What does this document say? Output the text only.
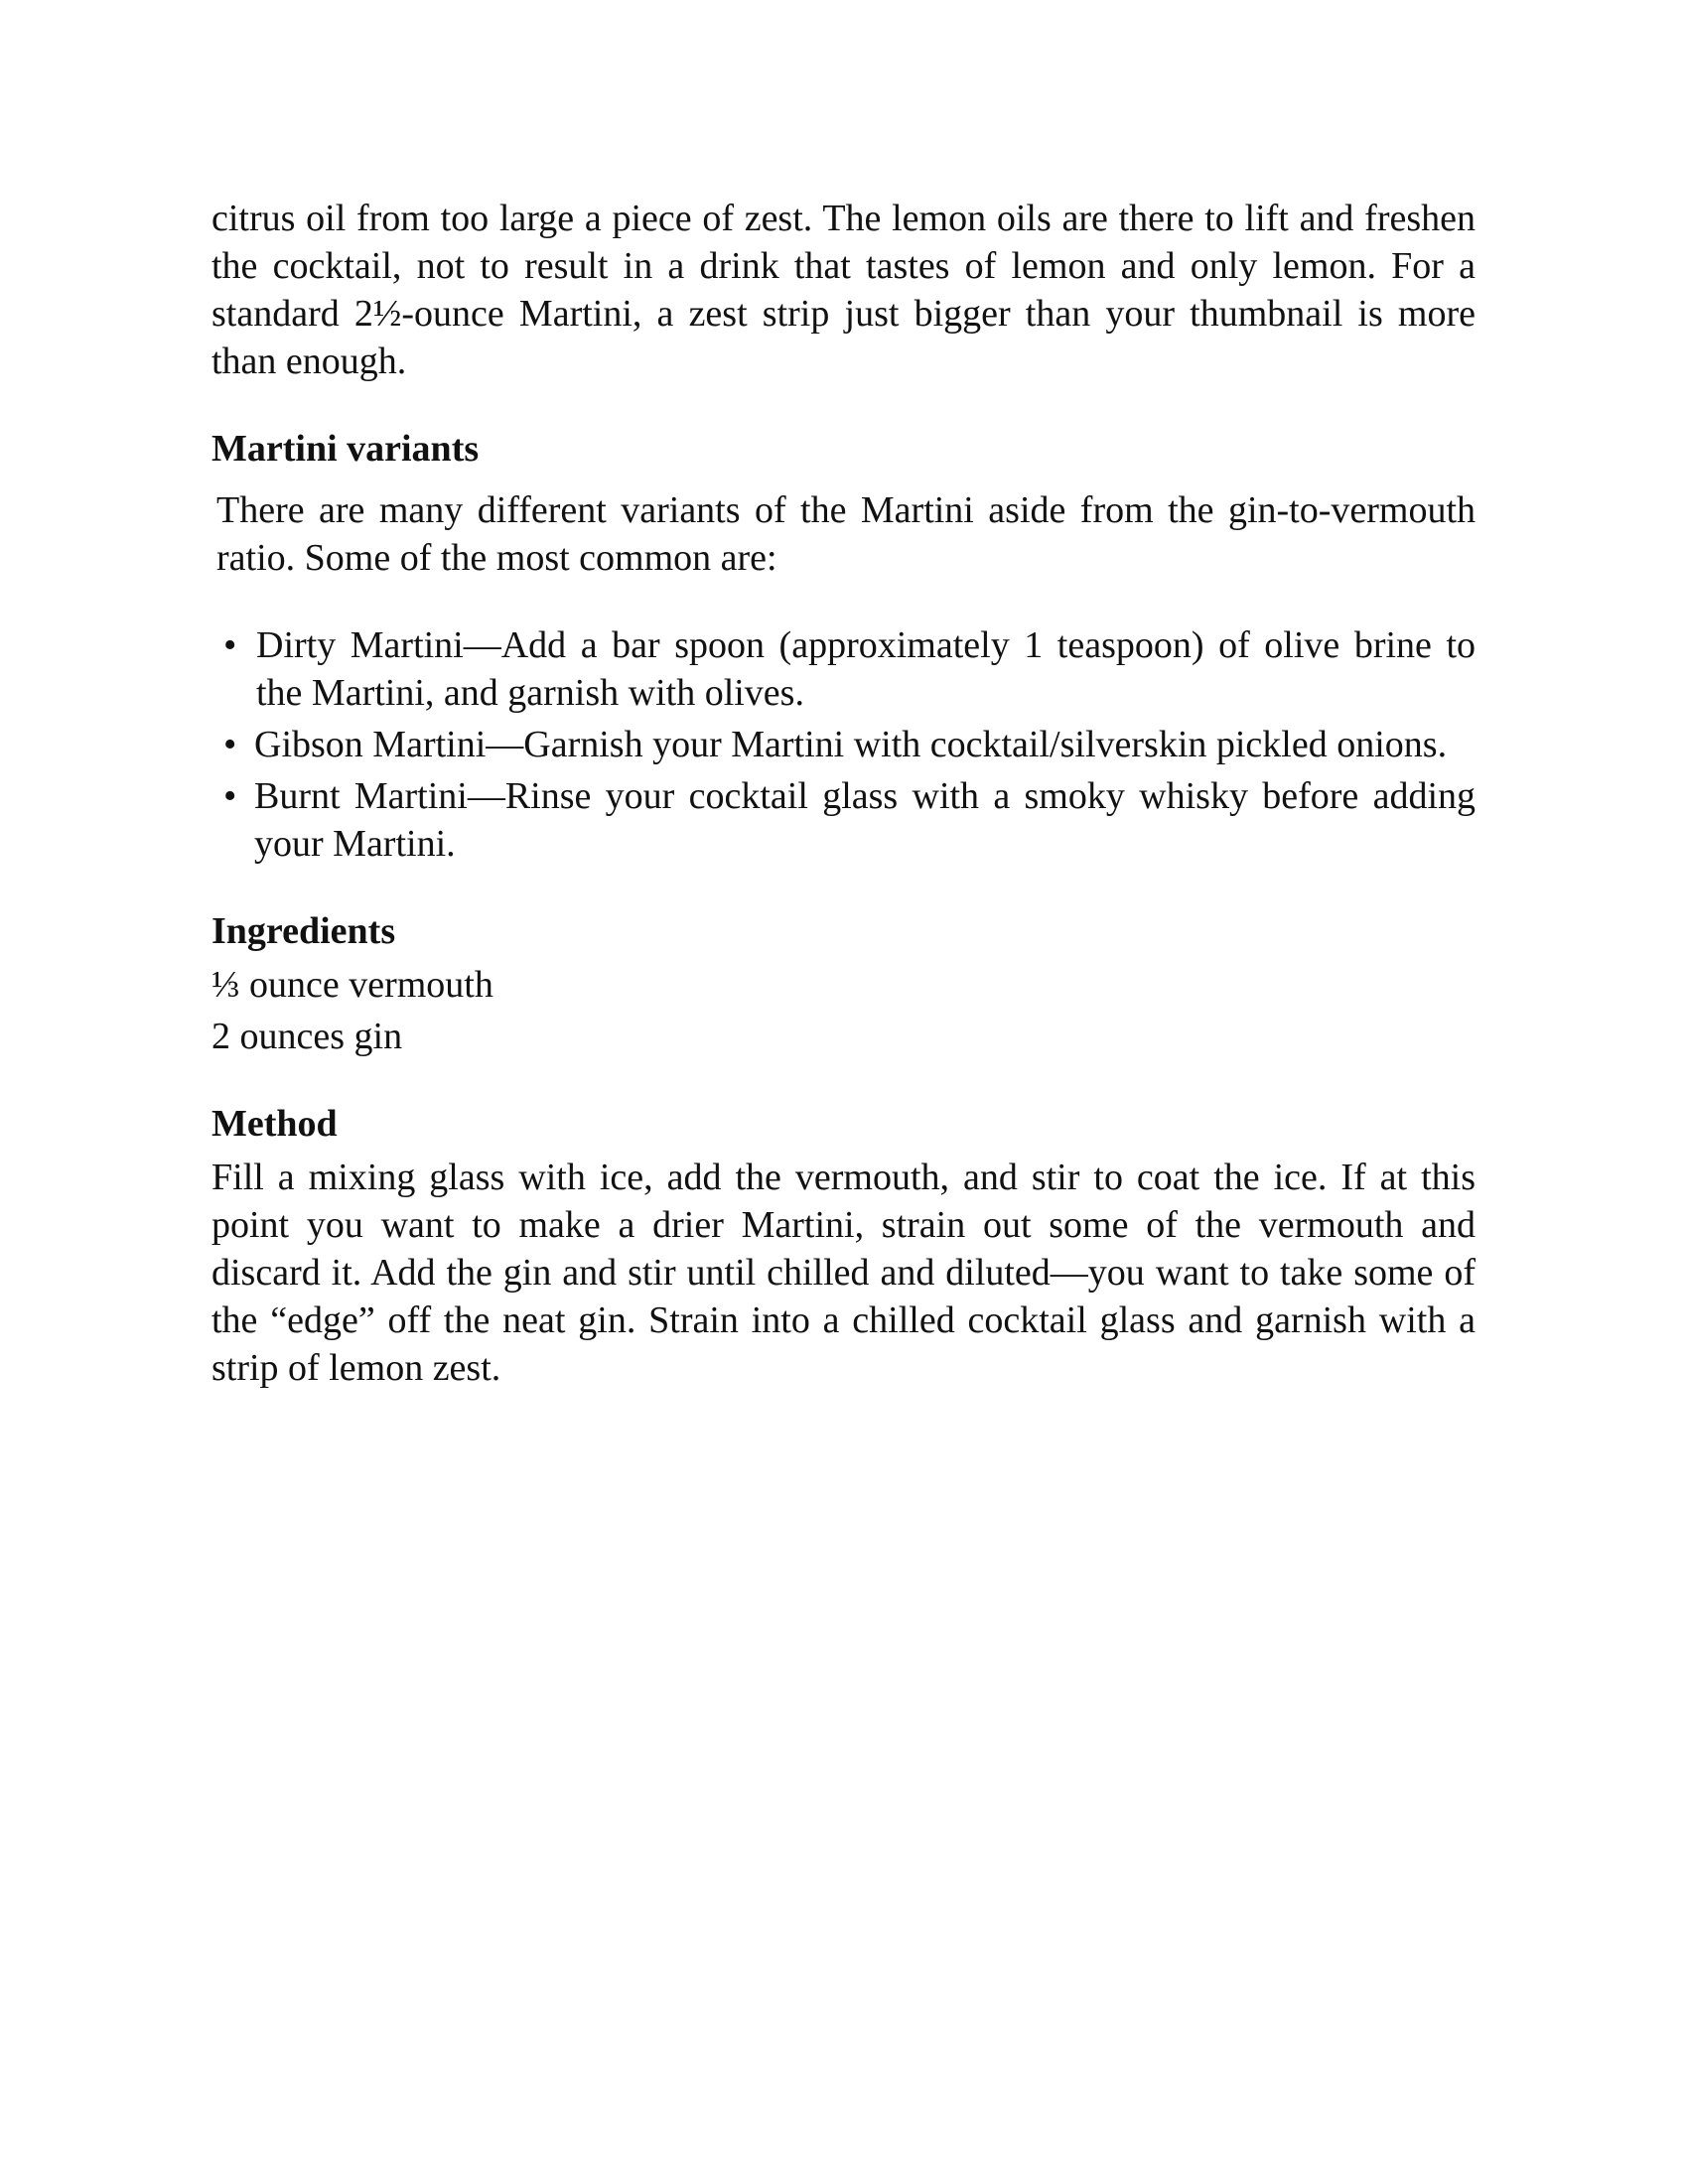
citrus oil from too large a piece of zest. The lemon oils are there to lift and freshen the cocktail, not to result in a drink that tastes of lemon and only lemon. For a standard 2½-ounce Martini, a zest strip just bigger than your thumbnail is more than enough.

Martini variants

There are many different variants of the Martini aside from the gin-to-vermouth ratio. Some of the most common are:

• Dirty Martini—Add a bar spoon (approximately 1 teaspoon) of olive brine to the Martini, and garnish with olives.
• Gibson Martini—Garnish your Martini with cocktail/silverskin pickled onions.
• Burnt Martini—Rinse your cocktail glass with a smoky whisky before adding your Martini.
Ingredients

⅓ ounce vermouth

2 ounces gin

Method

Fill a mixing glass with ice, add the vermouth, and stir to coat the ice. If at this point you want to make a drier Martini, strain out some of the vermouth and discard it. Add the gin and stir until chilled and diluted—you want to take some of the “edge” off the neat gin. Strain into a chilled cocktail glass and garnish with a strip of lemon zest.
